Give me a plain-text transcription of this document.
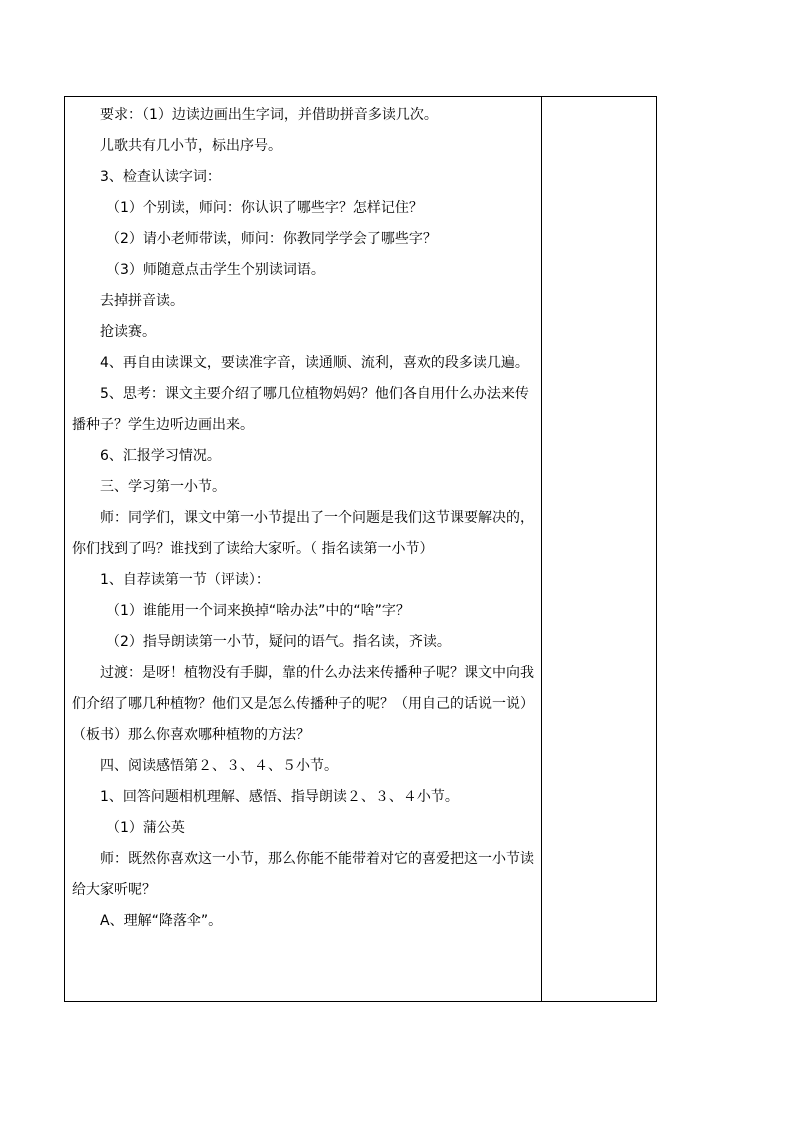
要求：（1）边读边画出生字词，并借助拼音多读几次。

儿歌共有几小节，标出序号。

3、检查认读字词：

（1）个别读，师问：你认识了哪些字？怎样记住？

（2）请小老师带读，师问：你教同学学会了哪些字？

（3）师随意点击学生个别读词语。

去掉拼音读。

抢读赛。

4、再自由读课文，要读准字音，读通顺、流利，喜欢的段多读几遍。

5、思考：课文主要介绍了哪几位植物妈妈？他们各自用什么办法来传播种子？学生边听边画出来。

6、汇报学习情况。

三、学习第一小节。

师：同学们，课文中第一小节提出了一个问题是我们这节课要解决的，你们找到了吗？谁找到了读给大家听。（ 指名读第一小节）

1、自荐读第一节（评读）：

（1）谁能用一个词来换掉“啥办法”中的“啥”字？

（2）指导朗读第一小节，疑问的语气。指名读，齐读。

过渡：是呀！植物没有手脚，靠的什么办法来传播种子呢？课文中向我们介绍了哪几种植物？他们又是怎么传播种子的呢？（用自己的话说一说）（板书）那么你喜欢哪种植物的方法？

四、阅读感悟第２、３、４、５小节。

1、回答问题相机理解、感悟、指导朗读２、３、４小节。

（1）蒲公英

师：既然你喜欢这一小节，那么你能不能带着对它的喜爱把这一小节读给大家听呢？

A、理解“降落伞”。
